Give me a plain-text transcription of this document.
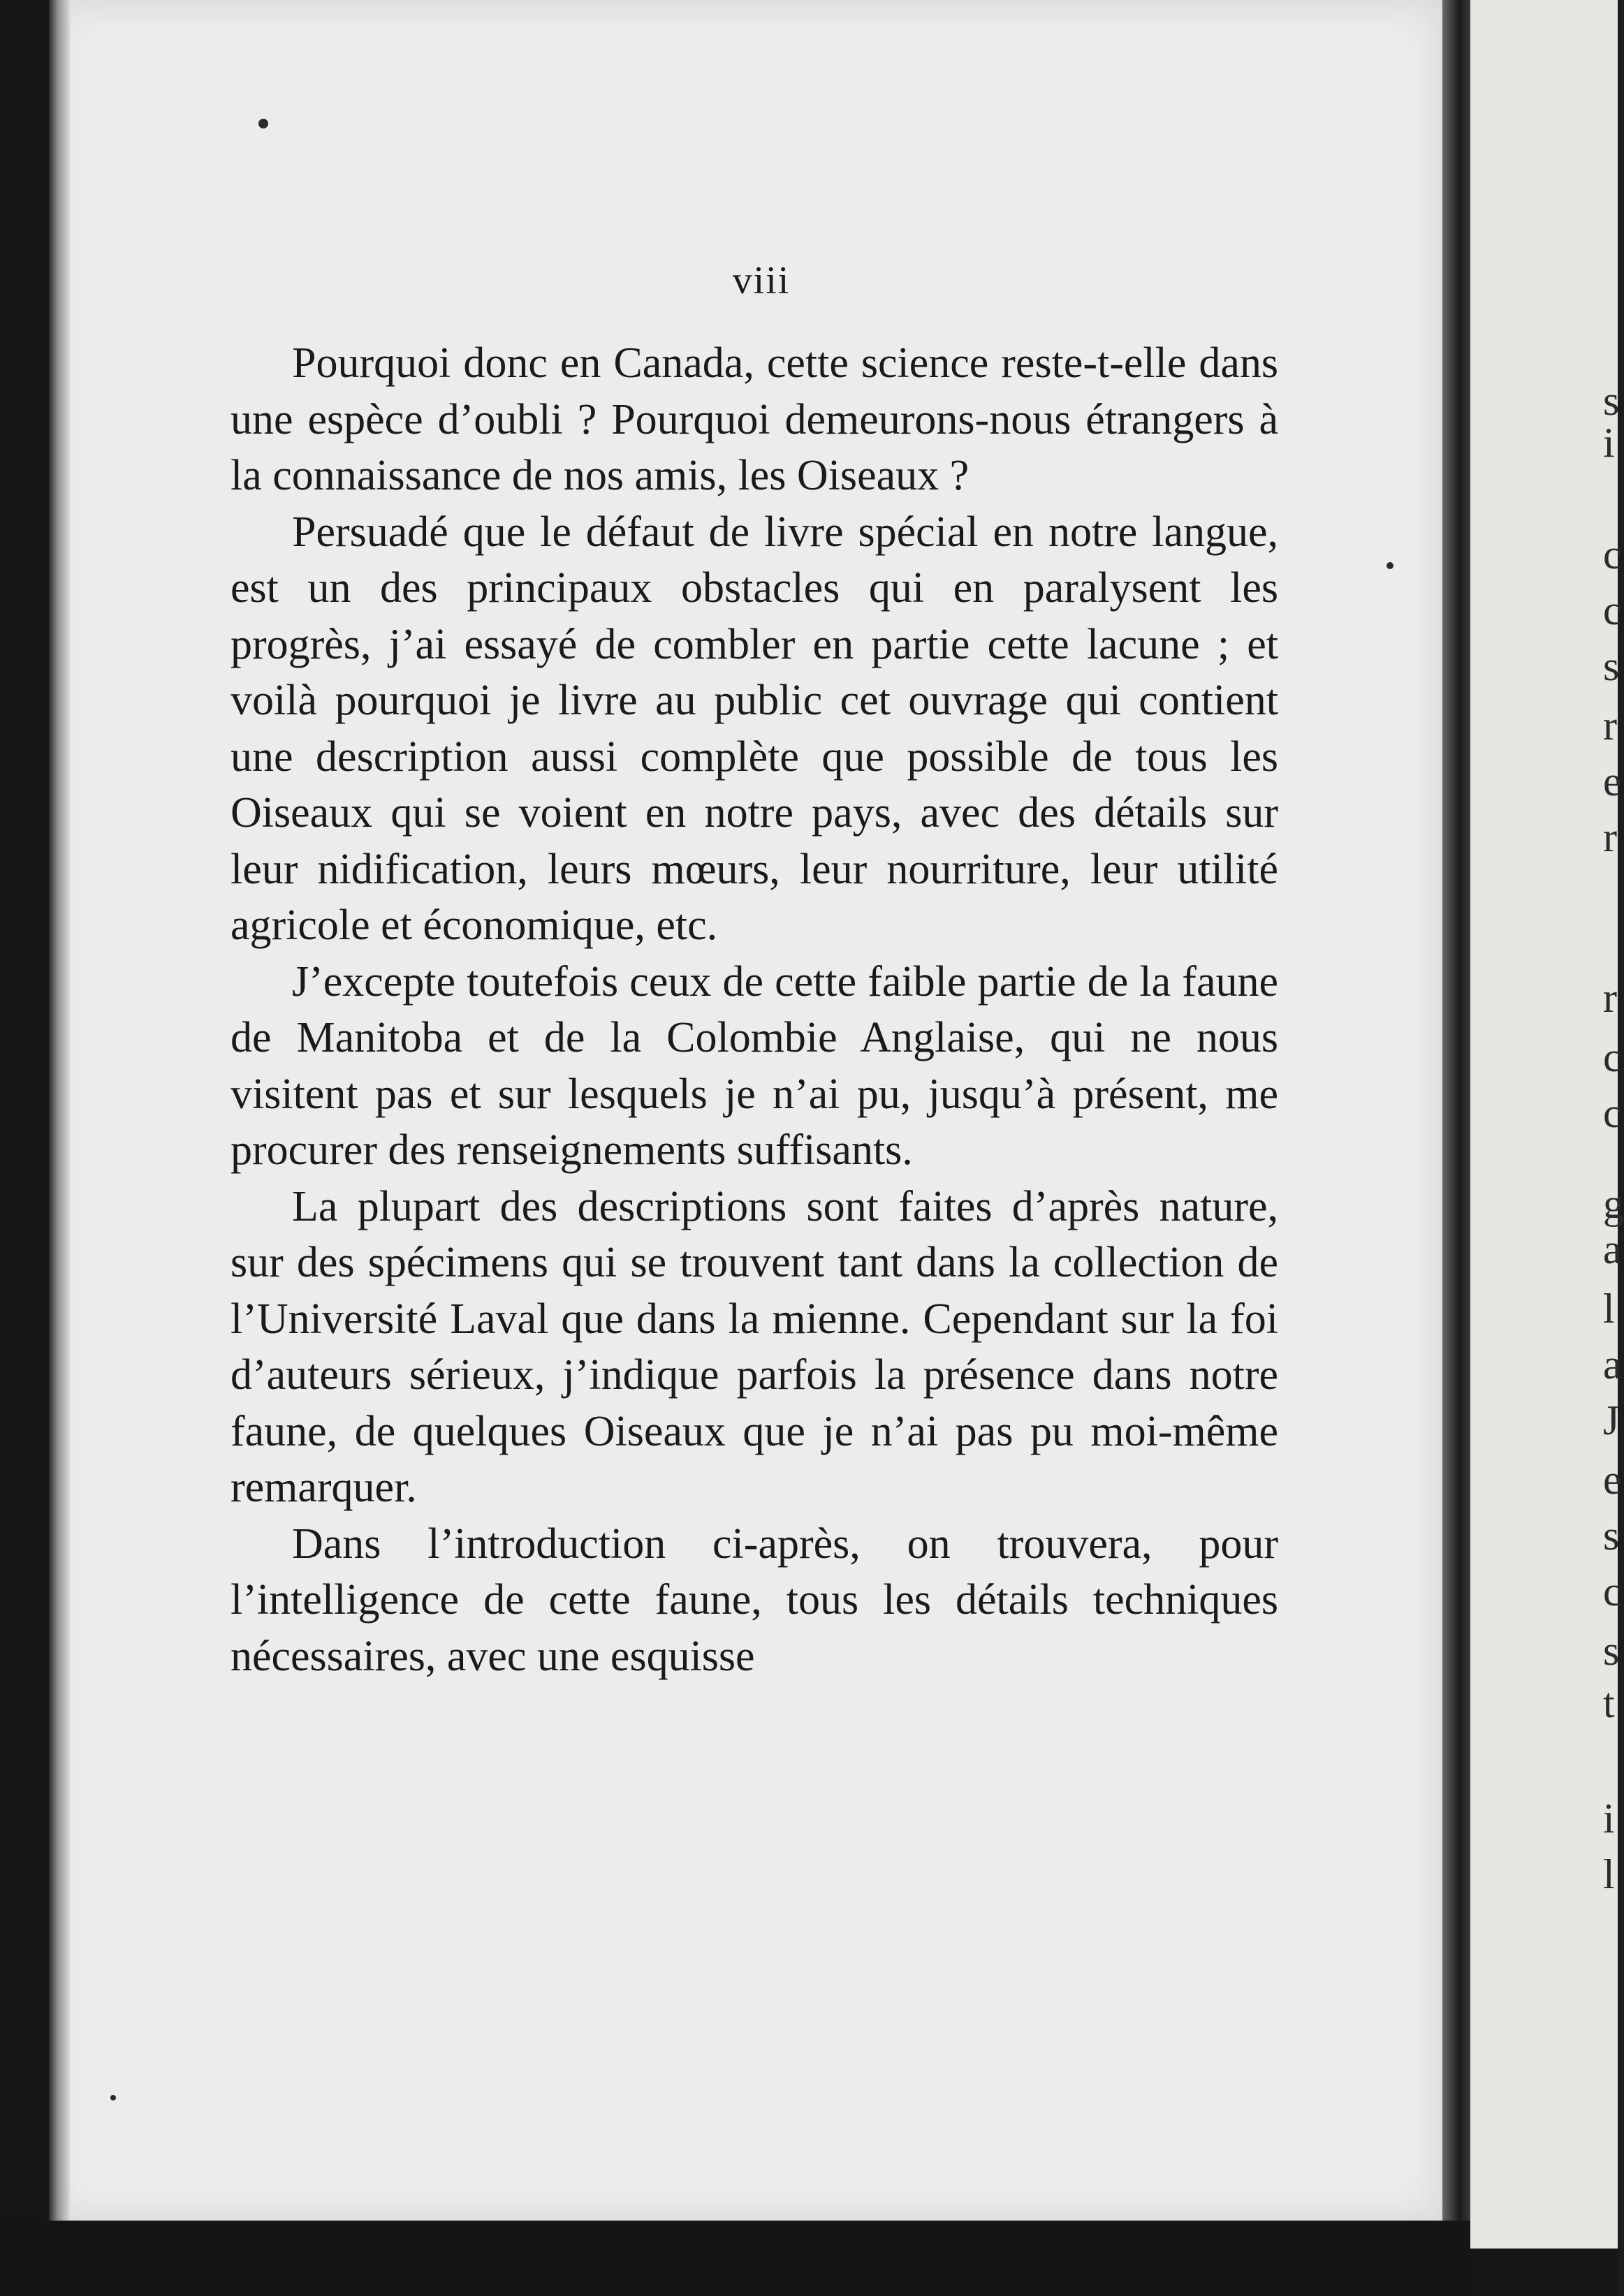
viii

Pourquoi donc en Canada, cette science reste-t-elle dans une espèce d’oubli ? Pourquoi demeurons-nous étrangers à la connaissance de nos amis, les Oiseaux ?

Persuadé que le défaut de livre spécial en notre langue, est un des principaux obstacles qui en paralysent les progrès, j’ai essayé de combler en partie cette lacune ; et voilà pourquoi je livre au public cet ouvrage qui contient une description aussi complète que possible de tous les Oiseaux qui se voient en notre pays, avec des détails sur leur nidification, leurs mœurs, leur nourriture, leur utilité agricole et économique, etc.

J’excepte toutefois ceux de cette faible partie de la faune de Manitoba et de la Colombie Anglaise, qui ne nous visitent pas et sur lesquels je n’ai pu, jusqu’à présent, me procurer des renseignements suffisants.

La plupart des descriptions sont faites d’après nature, sur des spécimens qui se trouvent tant dans la collection de l’Université Laval que dans la mienne. Cependant sur la foi d’auteurs sérieux, j’indique parfois la présence dans notre faune, de quelques Oiseaux que je n’ai pas pu moi-même remarquer.

Dans l’introduction ci-après, on trouvera, pour l’intelligence de cette faune, tous les détails techniques nécessaires, avec une esquisse

s
i
c
c
s
r
e
r
r
c
c
g
a
l
a
J
e
s
c
s
t
i
l
